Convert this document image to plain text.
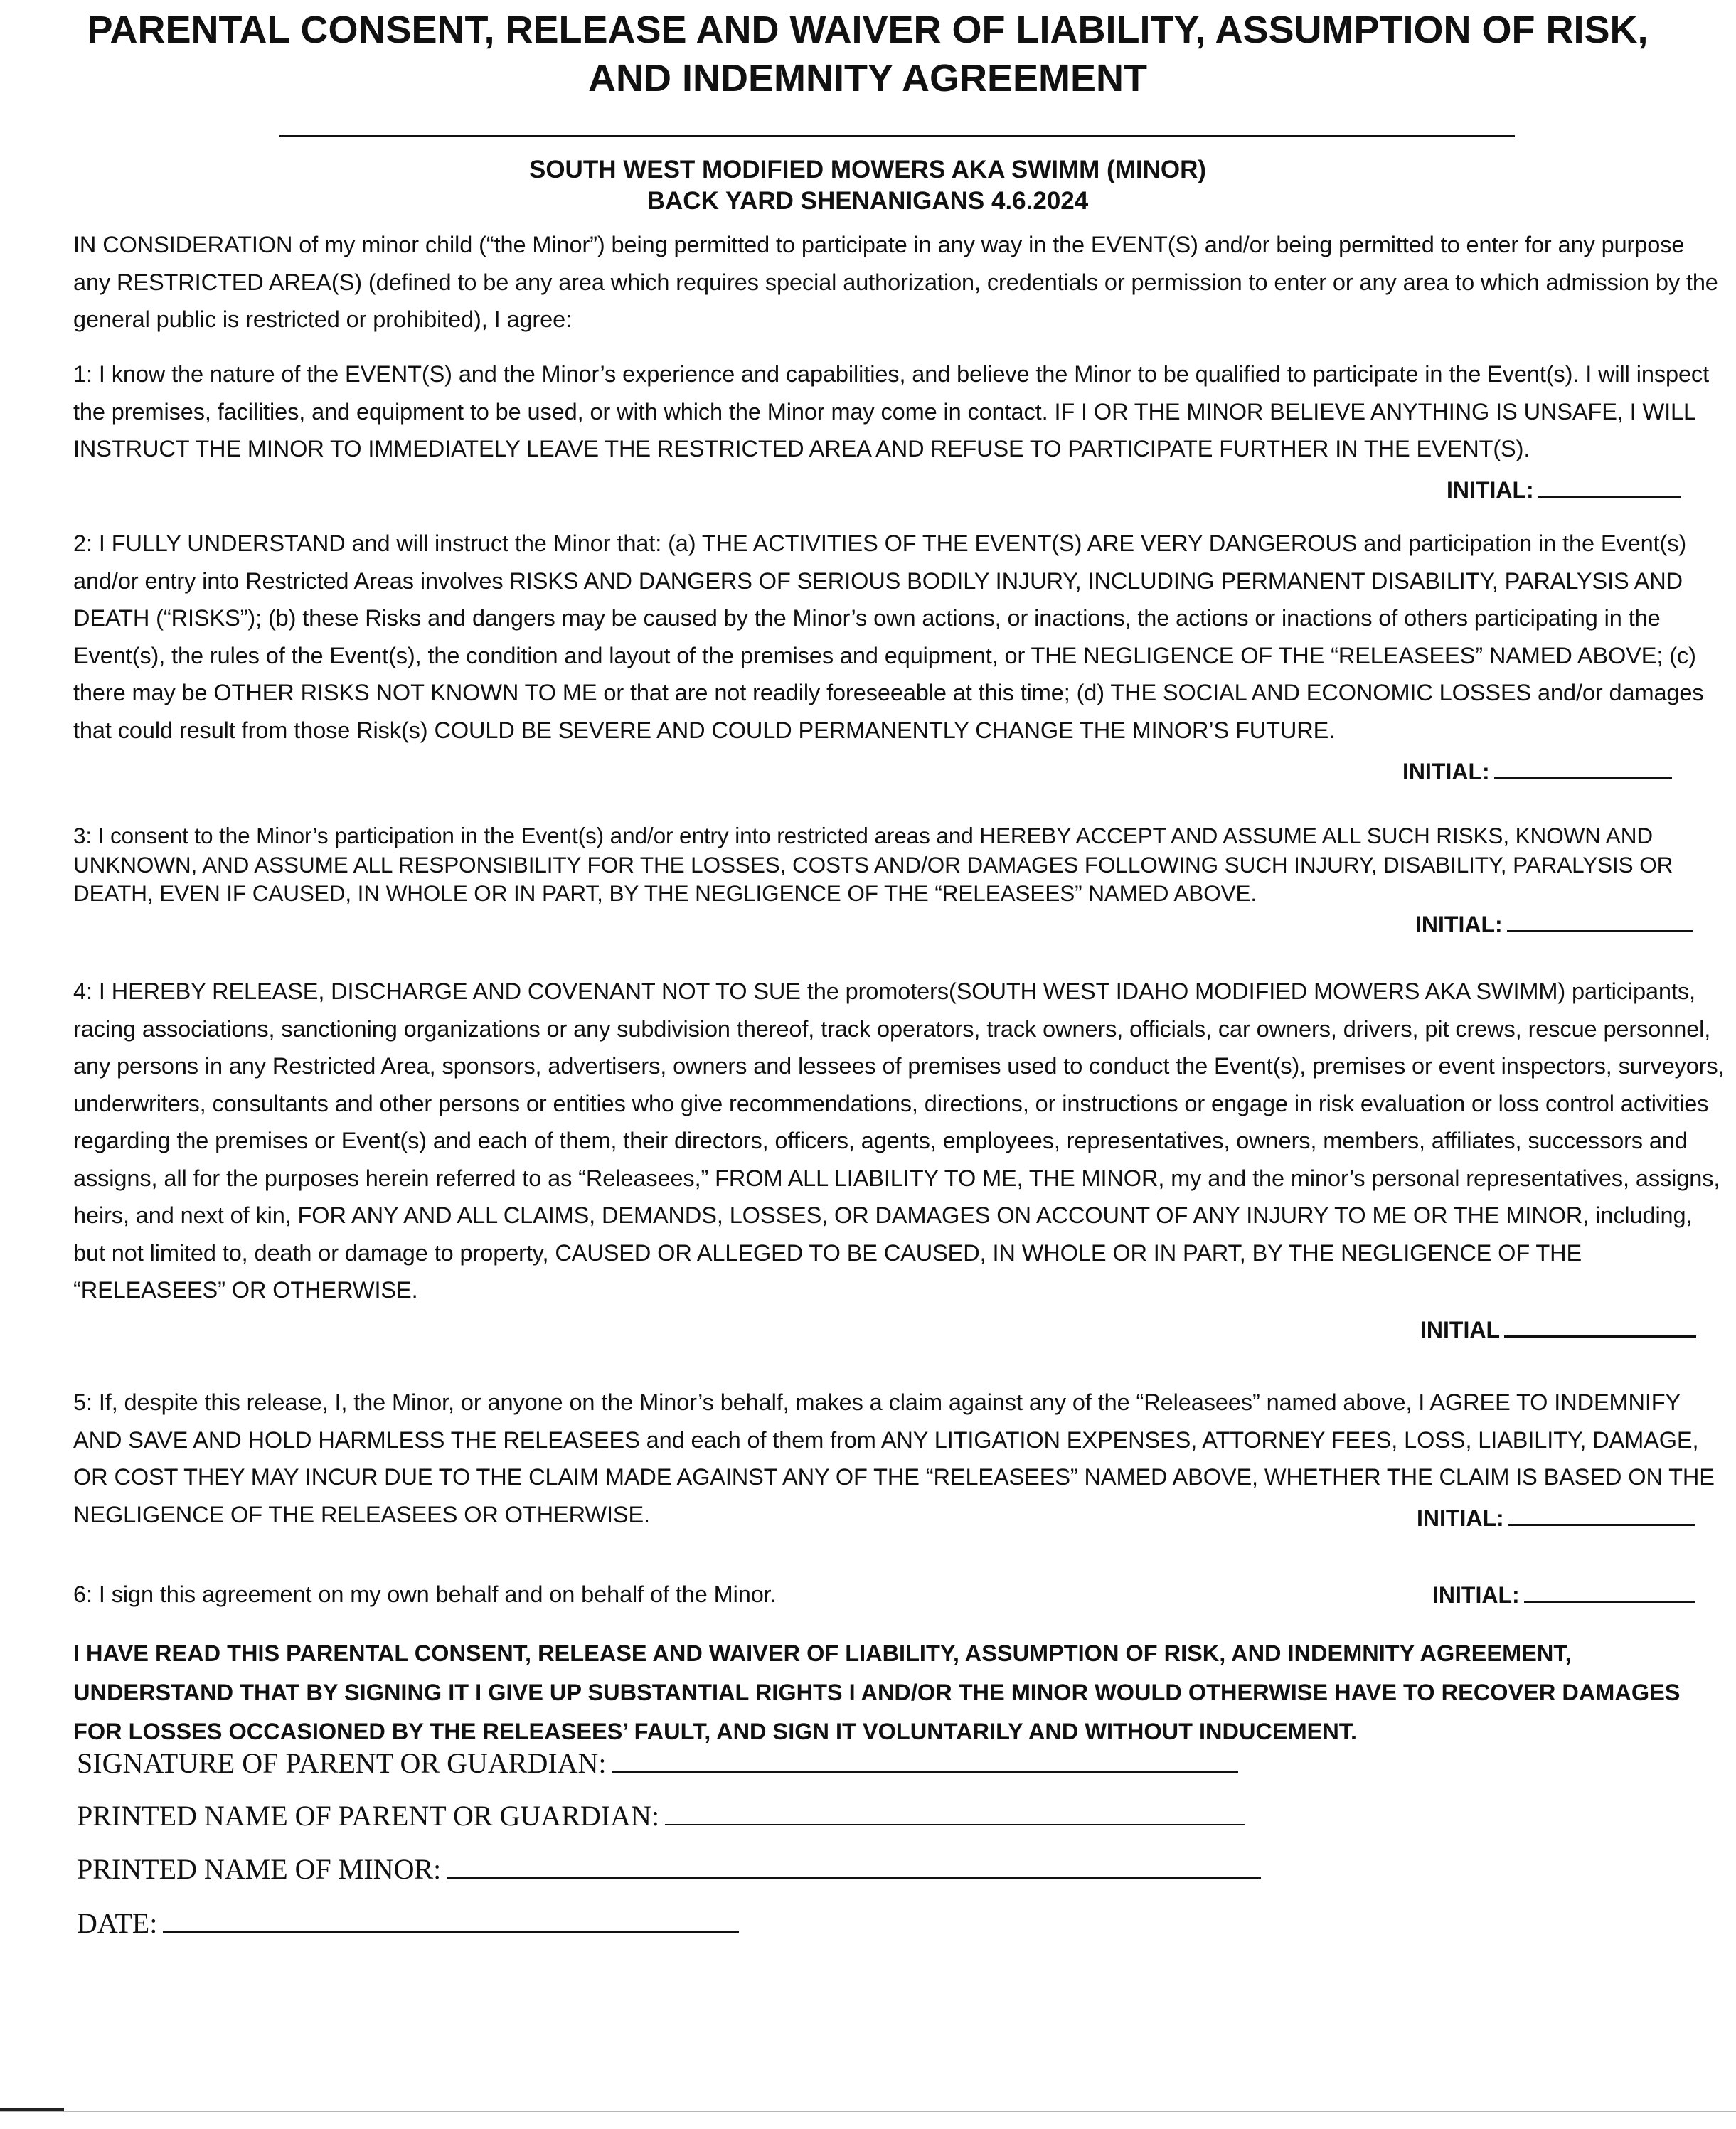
PARENTAL CONSENT, RELEASE AND WAIVER OF LIABILITY, ASSUMPTION OF RISK, AND INDEMNITY AGREEMENT

SOUTH WEST MODIFIED MOWERS AKA SWIMM (MINOR)

BACK YARD SHENANIGANS 4.6.2024

IN CONSIDERATION of my minor child (“the Minor”) being permitted to participate in any way in the EVENT(S) and/or being permitted to enter for any purpose any RESTRICTED AREA(S) (defined to be any area which requires special authorization, credentials or permission to enter or any area to which admission by the general public is restricted or prohibited), I agree:

1: I know the nature of the EVENT(S) and the Minor’s experience and capabilities, and believe the Minor to be qualified to participate in the Event(s). I will inspect the premises, facilities, and equipment to be used, or with which the Minor may come in contact. IF I OR THE MINOR BELIEVE ANYTHING IS UNSAFE, I WILL INSTRUCT THE MINOR TO IMMEDIATELY LEAVE THE RESTRICTED AREA AND REFUSE TO PARTICIPATE FURTHER IN THE EVENT(S).

INITIAL:

2: I FULLY UNDERSTAND and will instruct the Minor that: (a) THE ACTIVITIES OF THE EVENT(S) ARE VERY DANGEROUS and participation in the Event(s) and/or entry into Restricted Areas involves RISKS AND DANGERS OF SERIOUS BODILY INJURY, INCLUDING PERMANENT DISABILITY, PARALYSIS AND DEATH (“RISKS”); (b) these Risks and dangers may be caused by the Minor’s own actions, or inactions, the actions or inactions of others participating in the Event(s), the rules of the Event(s), the condition and layout of the premises and equipment, or THE NEGLIGENCE OF THE “RELEASEES” NAMED ABOVE; (c) there may be OTHER RISKS NOT KNOWN TO ME or that are not readily foreseeable at this time; (d) THE SOCIAL AND ECONOMIC LOSSES and/or damages that could result from those Risk(s) COULD BE SEVERE AND COULD PERMANENTLY CHANGE THE MINOR’S FUTURE.

INITIAL:

3: I consent to the Minor’s participation in the Event(s) and/or entry into restricted areas and HEREBY ACCEPT AND ASSUME ALL SUCH RISKS, KNOWN AND UNKNOWN, AND ASSUME ALL RESPONSIBILITY FOR THE LOSSES, COSTS AND/OR DAMAGES FOLLOWING SUCH INJURY, DISABILITY, PARALYSIS OR DEATH, EVEN IF CAUSED, IN WHOLE OR IN PART, BY THE NEGLIGENCE OF THE “RELEASEES” NAMED ABOVE.

INITIAL:

4: I HEREBY RELEASE, DISCHARGE AND COVENANT NOT TO SUE the promoters(SOUTH WEST IDAHO MODIFIED MOWERS AKA SWIMM) participants, racing associations, sanctioning organizations or any subdivision thereof, track operators, track owners, officials, car owners, drivers, pit crews, rescue personnel, any persons in any Restricted Area, sponsors, advertisers, owners and lessees of premises used to conduct the Event(s), premises or event inspectors, surveyors, underwriters, consultants and other persons or entities who give recommendations, directions, or instructions or engage in risk evaluation or loss control activities regarding the premises or Event(s) and each of them, their directors, officers, agents, employees, representatives, owners, members, affiliates, successors and assigns, all for the purposes herein referred to as “Releasees,” FROM ALL LIABILITY TO ME, THE MINOR, my and the minor’s personal representatives, assigns, heirs, and next of kin, FOR ANY AND ALL CLAIMS, DEMANDS, LOSSES, OR DAMAGES ON ACCOUNT OF ANY INJURY TO ME OR THE MINOR, including, but not limited to, death or damage to property, CAUSED OR ALLEGED TO BE CAUSED, IN WHOLE OR IN PART, BY THE NEGLIGENCE OF THE “RELEASEES” OR OTHERWISE.

INITIAL

5: If, despite this release, I, the Minor, or anyone on the Minor’s behalf, makes a claim against any of the “Releasees” named above, I AGREE TO INDEMNIFY AND SAVE AND HOLD HARMLESS THE RELEASEES and each of them from ANY LITIGATION EXPENSES, ATTORNEY FEES, LOSS, LIABILITY, DAMAGE, OR COST THEY MAY INCUR DUE TO THE CLAIM MADE AGAINST ANY OF THE “RELEASEES” NAMED ABOVE, WHETHER THE CLAIM IS BASED ON THE NEGLIGENCE OF THE RELEASEES OR OTHERWISE.	INITIAL:

6: I sign this agreement on my own behalf and on behalf of the Minor.	INITIAL:

I HAVE READ THIS PARENTAL CONSENT, RELEASE AND WAIVER OF LIABILITY, ASSUMPTION OF RISK, AND INDEMNITY AGREEMENT, UNDERSTAND THAT BY SIGNING IT I GIVE UP SUBSTANTIAL RIGHTS I AND/OR THE MINOR WOULD OTHERWISE HAVE TO RECOVER DAMAGES FOR LOSSES OCCASIONED BY THE RELEASEES’ FAULT, AND SIGN IT VOLUNTARILY AND WITHOUT INDUCEMENT.

SIGNATURE OF PARENT OR GUARDIAN:
PRINTED NAME OF PARENT OR GUARDIAN:
PRINTED NAME OF MINOR:
DATE:
